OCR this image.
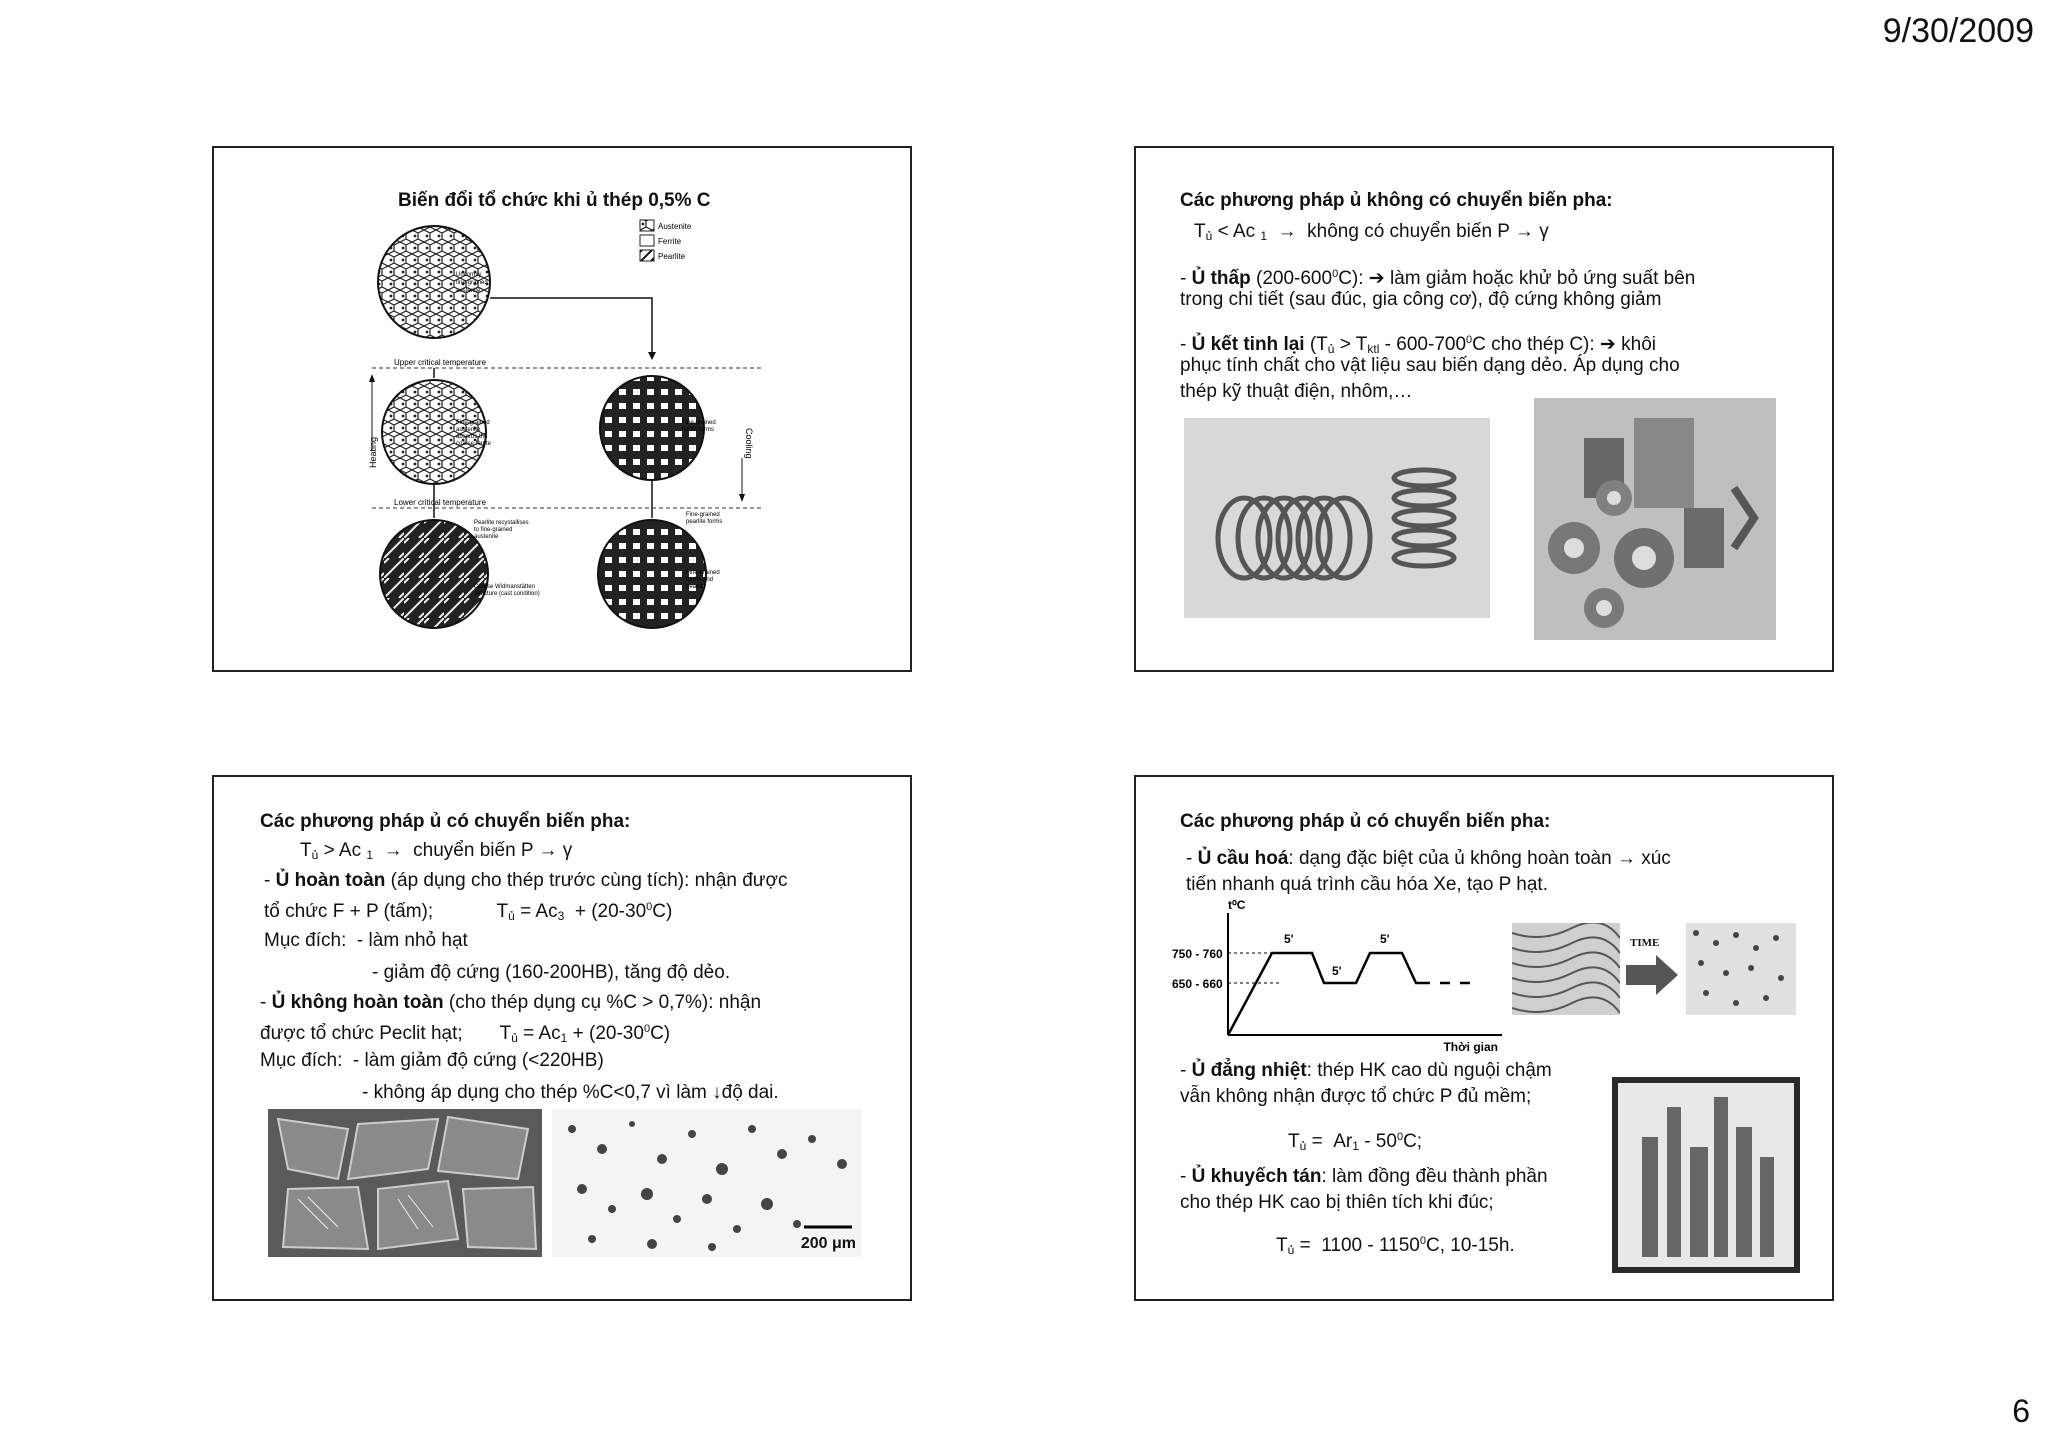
9/30/2009
Biến đổi tổ chức khi ủ thép 0,5% C
Austenite
Ferrite
Pearlite
Uniformly
fine-grained
austenite
Upper critical temperature
Fine-grained
austenite
absorbs the
coarse ferrite
Fine-grained
ferrite forms
Heating	Cooling
Lower critical temperature
Pearlite recystallises
to fine-grained
austenite
Fine-grained
pearlite forms
Coarse Widmanstätten
structure (cast condition)
Fine-grained
ferrite and
pearlite
Các phương pháp ủ không có chuyển biến pha:
$T_ủ < Ac$ $_1$  →  không có chuyển biến P → γ
- Ủ thấp $(200-600^0C)$: ➔ làm giảm hoặc khử bỏ ứng suất bên
trong chi tiết (sau đúc, gia công cơ), độ cứng không giảm
- Ủ kết tinh lại ($T_ủ > T_{ktl} - 600-700^0C$ cho thép C): ➔ khôi
phục tính chất cho vật liệu sau biến dạng dẻo. Áp dụng cho
thép kỹ thuật điện, nhôm,…
Các phương pháp ủ có chuyển biến pha:
$T_ủ > Ac$ $_1$  →  chuyển biến P → γ
- Ủ hoàn toàn (áp dụng cho thép trước cùng tích): nhận được
tổ chức F + P (tấm);            $T_ủ = Ac_3 + (20-30^0C)$
Mục đích:  - làm nhỏ hạt
- giảm độ cứng (160-200HB), tăng độ dẻo.
- Ủ không hoàn toàn (cho thép dụng cụ %C > 0,7%): nhận
được tổ chức Peclit hạt;       $T_ủ = Ac_1 + (20-30^0C)$
Mục đích:  - làm giảm độ cứng (<220HB)
- không áp dụng cho thép %C<0,7 vì làm ↓độ dai.
200 μm
Các phương pháp ủ có chuyển biến pha:
- Ủ cầu hoá: dạng đặc biệt của ủ không hoàn toàn → xúc
tiến nhanh quá trình cầu hóa Xe, tạo P hạt.
t⁰C
750 - 760
650 - 660
5'
5'
5'
Thời gian
TIME
- Ủ đẳng nhiệt: thép HK cao dù nguội chậm
vẫn không nhận được tổ chức P đủ mềm;
$T_ủ = Ar_1 - 50^0C$;
- Ủ khuyếch tán: làm đồng đều thành phần
cho thép HK cao bị thiên tích khi đúc;
$T_ủ = 1100 - 1150^0C$, 10-15h.
6
